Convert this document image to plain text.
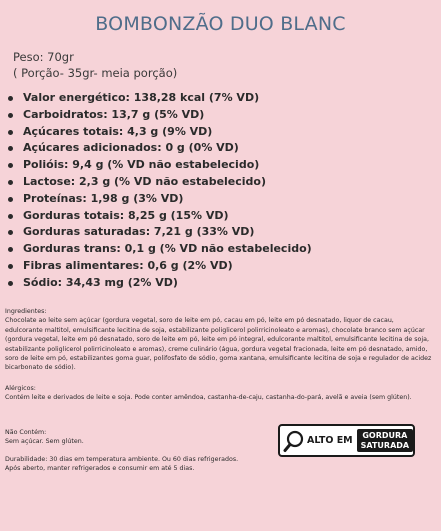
BOMBONZÃO DUO BLANC
Peso: 70gr
( Porção- 35gr- meia porção)
Valor energético: 138,28 kcal (7% VD)
Carboidratos: 13,7 g (5% VD)
Açúcares totais: 4,3 g (9% VD)
Açúcares adicionados: 0 g (0% VD)
Polióis: 9,4 g (% VD não estabelecido)
Lactose: 2,3 g (% VD não estabelecido)
Proteínas: 1,98 g (3% VD)
Gorduras totais: 8,25 g (15% VD)
Gorduras saturadas: 7,21 g (33% VD)
Gorduras trans: 0,1 g (% VD não estabelecido)
Fibras alimentares: 0,6 g (2% VD)
Sódio: 34,43 mg (2% VD)
Ingredientes:
Chocolate ao leite sem açúcar (gordura vegetal, soro de leite em pó, cacau em pó, leite em pó desnatado, liquor de cacau, edulcorante maltitol, emulsificante lecitina de soja, estabilizante poliglicerol polirricinoleato e aromas), chocolate branco sem açúcar (gordura vegetal, leite em pó desnatado, soro de leite em pó, leite em pó integral, edulcorante maltitol, emulsificante lecitina de soja, estabilizante poliglicerol polirricinoleato e aromas), creme culinário (água, gordura vegetal fracionada, leite em pó desnatado, amido, soro de leite em pó, estabilizantes goma guar, polifosfato de sódio, goma xantana, emulsificante lecitina de soja e regulador de acidez bicarbonato de sódio).
Alérgicos:
Contém leite e derivados de leite e soja. Pode conter amêndoa, castanha-de-caju, castanha-do-pará, avelã e aveia (sem glúten).
Não Contém:
Sem açúcar. Sem glúten.
Durabilidade: 30 dias em temperatura ambiente. Ou 60 dias refrigerados.
Após aberto, manter refrigerados e consumir em até 5 dias.
ALTO EM GORDURA
SATURADA
